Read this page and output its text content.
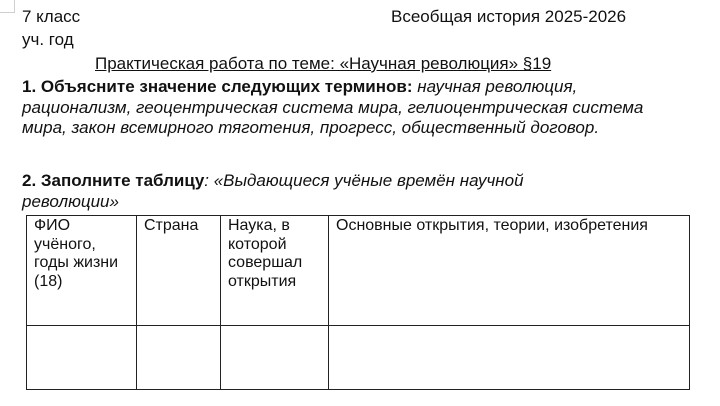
7 класс	Всеобщая история 2025-2026
уч. год
Практическая работа по теме: «Научная революция» §19
1. Объясните значение следующих терминов: научная революция, рационализм, геоцентрическая система мира, гелиоцентрическая система мира, закон всемирного тяготения, прогресс, общественный договор.
2. Заполните таблицу: «Выдающиеся учёные времён научной революции»
ФИО учёного, годы жизни (18)	Страна	Наука, в которой совершал открытия	Основные открытия, теории, изобретения
